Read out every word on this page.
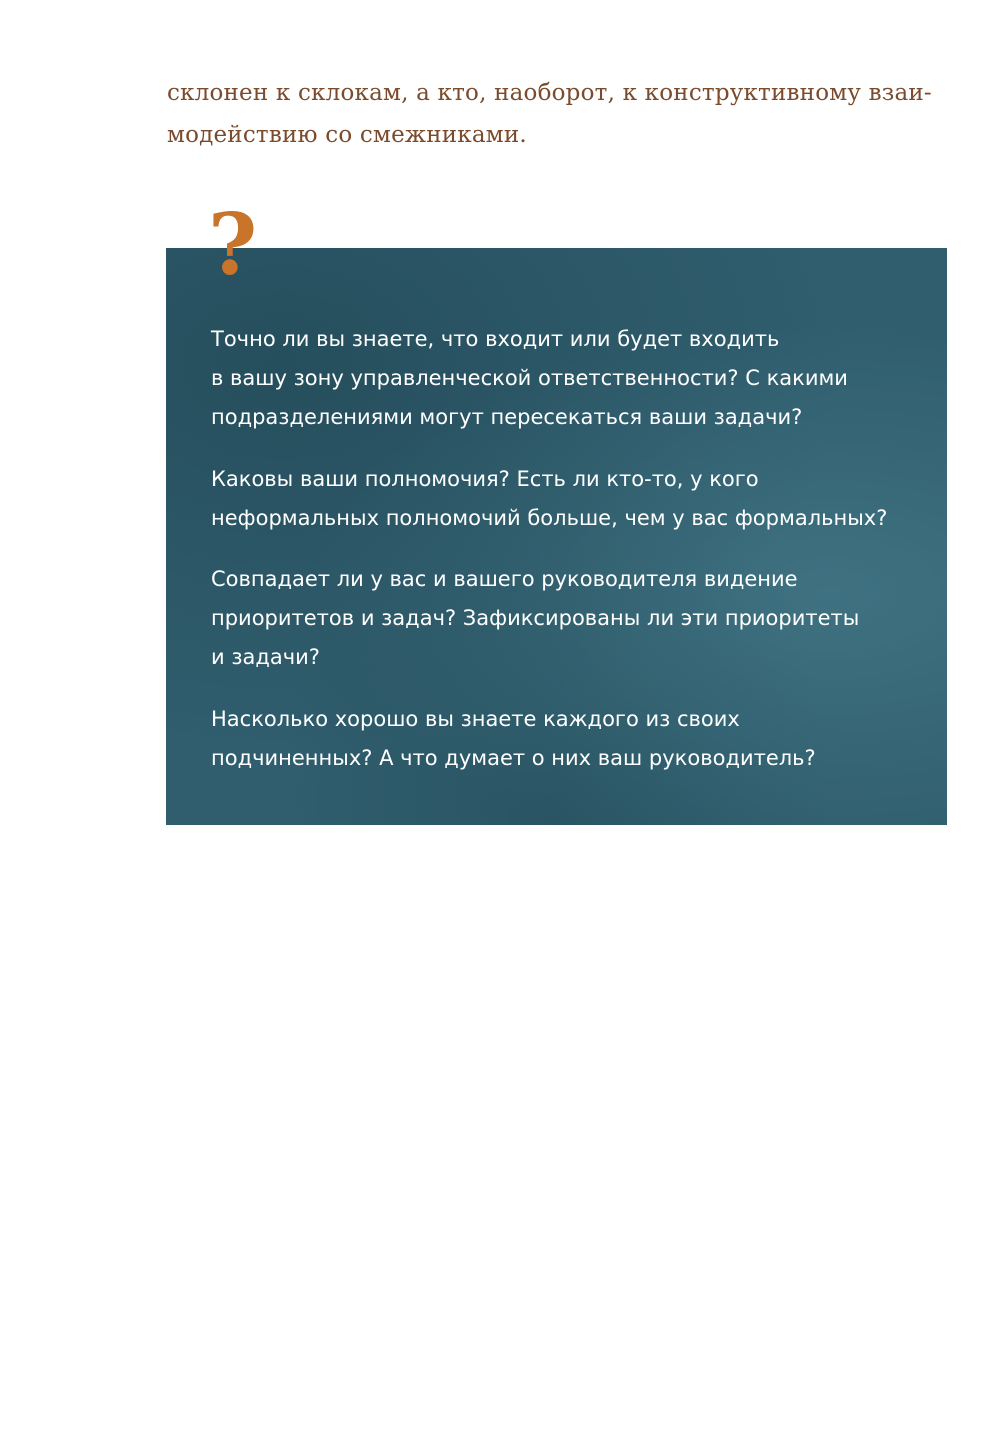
склонен к склокам, а кто, наоборот, к конструктивному взаи-
модействию со смежниками.

?

Точно ли вы знаете, что входит или будет входить
в вашу зону управленческой ответственности? С какими
подразделениями могут пересекаться ваши задачи?

Каковы ваши полномочия? Есть ли кто-то, у кого
неформальных полномочий больше, чем у вас формальных?

Совпадает ли у вас и вашего руководителя видение
приоритетов и задач? Зафиксированы ли эти приоритеты
и задачи?

Насколько хорошо вы знаете каждого из своих
подчиненных? А что думает о них ваш руководитель?
